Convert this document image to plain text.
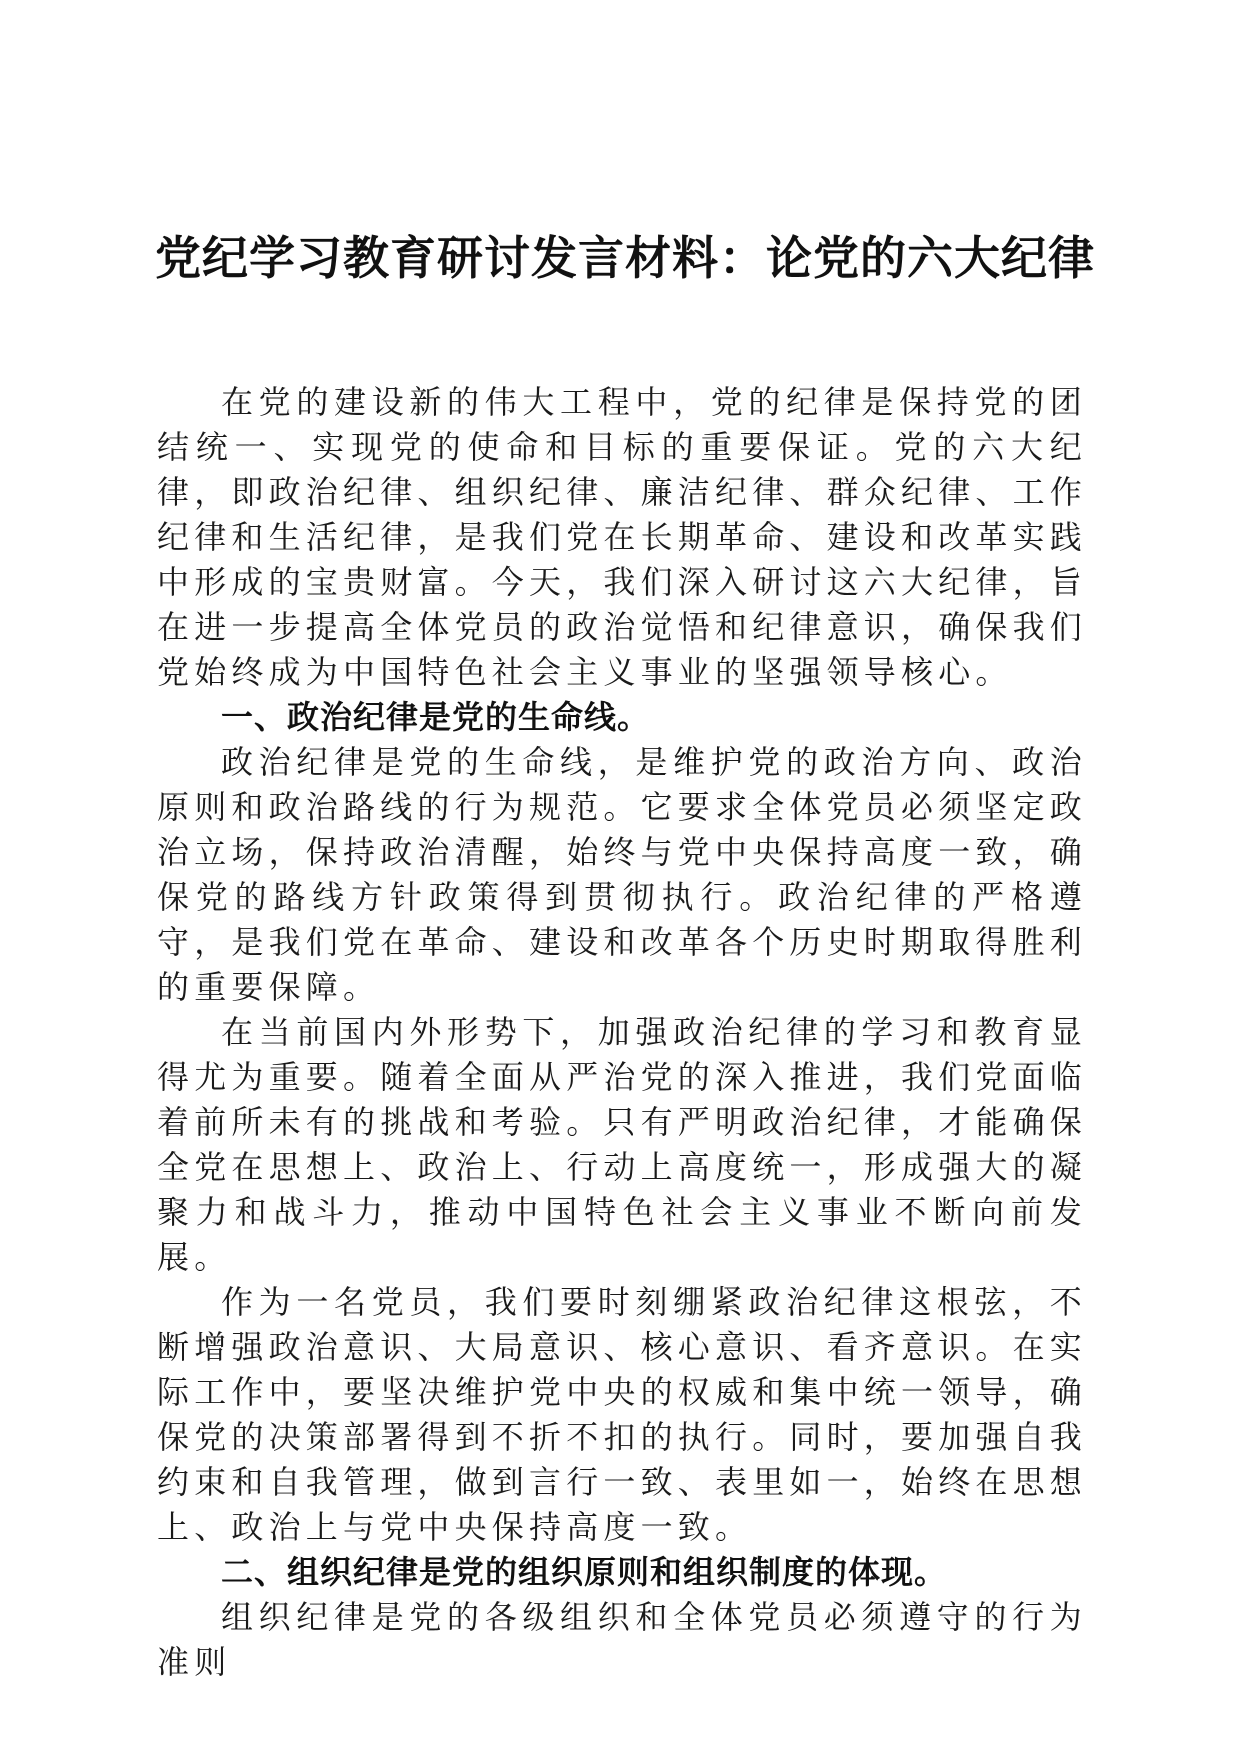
党纪学习教育研讨发言材料：论党的六大纪律

在党的建设新的伟大工程中，党的纪律是保持党的团结统一、实现党的使命和目标的重要保证。党的六大纪律，即政治纪律、组织纪律、廉洁纪律、群众纪律、工作纪律和生活纪律，是我们党在长期革命、建设和改革实践中形成的宝贵财富。今天，我们深入研讨这六大纪律，旨在进一步提高全体党员的政治觉悟和纪律意识，确保我们党始终成为中国特色社会主义事业的坚强领导核心。

一、政治纪律是党的生命线。

政治纪律是党的生命线，是维护党的政治方向、政治原则和政治路线的行为规范。它要求全体党员必须坚定政治立场，保持政治清醒，始终与党中央保持高度一致，确保党的路线方针政策得到贯彻执行。政治纪律的严格遵守，是我们党在革命、建设和改革各个历史时期取得胜利的重要保障。

在当前国内外形势下，加强政治纪律的学习和教育显得尤为重要。随着全面从严治党的深入推进，我们党面临着前所未有的挑战和考验。只有严明政治纪律，才能确保全党在思想上、政治上、行动上高度统一，形成强大的凝聚力和战斗力，推动中国特色社会主义事业不断向前发展。

作为一名党员，我们要时刻绷紧政治纪律这根弦，不断增强政治意识、大局意识、核心意识、看齐意识。在实际工作中，要坚决维护党中央的权威和集中统一领导，确保党的决策部署得到不折不扣的执行。同时，要加强自我约束和自我管理，做到言行一致、表里如一，始终在思想上、政治上与党中央保持高度一致。

二、组织纪律是党的组织原则和组织制度的体现。

组织纪律是党的各级组织和全体党员必须遵守的行为准则
